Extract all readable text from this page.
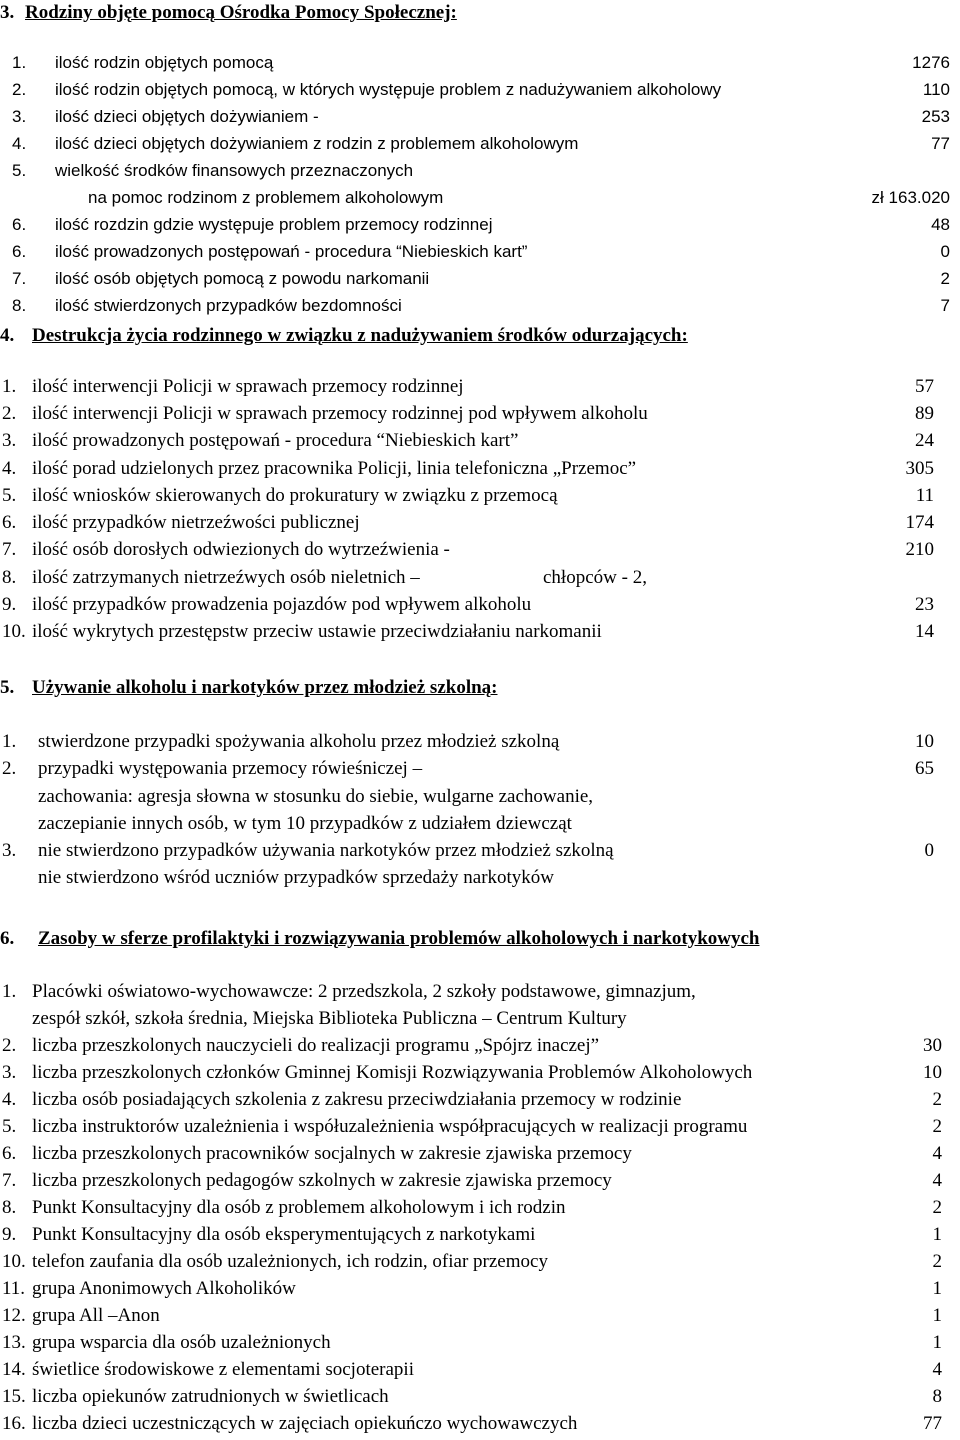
3. Rodziny objęte pomocą Ośrodka Pomocy Społecznej:
1. ilość rodzin objętych pomocą	1276
2. ilość rodzin objętych pomocą, w których występuje problem z nadużywaniem alkoholowy	110
3. ilość dzieci objętych dożywianiem -	253
4. ilość dzieci objętych dożywianiem z rodzin z problemem alkoholowym	77
5. wielkość środków finansowych przeznaczonych
na pomoc rodzinom z problemem alkoholowym	zł 163.020
6. ilość rozdzin gdzie występuje problem przemocy rodzinnej	48
6. ilość prowadzonych postępowań - procedura “Niebieskich kart”	0
7. ilość osób objętych pomocą z powodu narkomanii	2
8. ilość stwierdzonych przypadków bezdomności	7
4. Destrukcja życia rodzinnego w związku z nadużywaniem środków odurzających:
1. ilość interwencji Policji w sprawach przemocy rodzinnej	57
2. ilość interwencji Policji w sprawach przemocy rodzinnej pod wpływem alkoholu	89
3. ilość prowadzonych postępowań - procedura “Niebieskich kart”	24
4. ilość porad udzielonych przez pracownika Policji, linia telefoniczna „Przemoc”	305
5. ilość wniosków skierowanych do prokuratury w związku z przemocą	11
6. ilość przypadków nietrzeźwości publicznej	174
7. ilość osób dorosłych odwiezionych do wytrzeźwienia -	210
8. ilość zatrzymanych nietrzeźwych osób nieletnich –	chłopców - 2,
9. ilość przypadków prowadzenia pojazdów pod wpływem alkoholu	23
10. ilość wykrytych przestępstw przeciw ustawie przeciwdziałaniu narkomanii	14
5. Używanie alkoholu i narkotyków przez młodzież szkolną:
1. stwierdzone przypadki spożywania alkoholu przez młodzież szkolną	10
2. przypadki występowania przemocy rówieśniczej –	65
zachowania: agresja słowna w stosunku do siebie, wulgarne zachowanie,
zaczepianie innych osób, w tym 10 przypadków z udziałem dziewcząt
3. nie stwierdzono przypadków używania narkotyków przez młodzież szkolną	0
nie stwierdzono wśród uczniów przypadków sprzedaży narkotyków
6. Zasoby w sferze profilaktyki i rozwiązywania problemów alkoholowych i narkotykowych
1. Placówki oświatowo-wychowawcze: 2 przedszkola, 2 szkoły podstawowe, gimnazjum,
zespół szkół, szkoła średnia, Miejska Biblioteka Publiczna – Centrum Kultury
2. liczba przeszkolonych nauczycieli do realizacji programu „Spójrz inaczej”	30
3. liczba przeszkolonych członków Gminnej Komisji Rozwiązywania Problemów Alkoholowych	10
4. liczba osób posiadających szkolenia z zakresu przeciwdziałania przemocy w rodzinie	2
5. liczba instruktorów uzależnienia i współuzależnienia współpracujących w realizacji programu	2
6. liczba przeszkolonych pracowników socjalnych w zakresie zjawiska przemocy	4
7. liczba przeszkolonych pedagogów szkolnych w zakresie zjawiska przemocy	4
8. Punkt Konsultacyjny dla osób z problemem alkoholowym i ich rodzin	2
9. Punkt Konsultacyjny dla osób eksperymentujących z narkotykami	1
10. telefon zaufania dla osób uzależnionych, ich rodzin, ofiar przemocy	2
11. grupa Anonimowych Alkoholików	1
12. grupa All –Anon	1
13. grupa wsparcia dla osób uzależnionych	1
14. świetlice środowiskowe z elementami socjoterapii	4
15. liczba opiekunów zatrudnionych w świetlicach	8
16. liczba dzieci uczestniczących w zajęciach opiekuńczo wychowawczych	77
